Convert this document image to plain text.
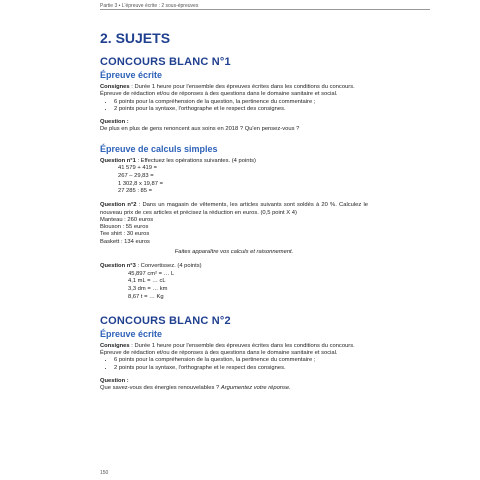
Partie 3 • L'épreuve écrite : 2 sous-épreuves
2. SUJETS
CONCOURS BLANC N°1
Épreuve écrite

Consignes : Durée 1 heure pour l'ensemble des épreuves écrites dans les conditions du concours.

Épreuve de rédaction et/ou de réponses à des questions dans le domaine sanitaire et social.

• 6 points pour la compréhension de la question, la pertinence du commentaire ;
• 2 points pour la syntaxe, l'orthographe et le respect des consignes.

Question :

De plus en plus de gens renoncent aux soins en 2018 ? Qu'en pensez-vous ?

Épreuve de calculs simples

Question n°1 : Effectuez les opérations suivantes. (4 points)

41 579 + 419 =
267 – 29,83 =
1 302,8 x 19,87 =
27 285 : 85 =

Question n°2 : Dans un magasin de vêtements, les articles suivants sont soldés à 20 %. Calculez le nouveau prix de ces articles et précisez la réduction en euros. (0,5 point X 4)

Manteau : 260 euros
Blouson : 55 euros
Tee shirt : 30 euros
Baskett : 134 euros

Faites apparaître vos calculs et raisonnement.

Question n°3 : Convertissez. (4 points)

45,897 cm² = … L
4,1 mL = … cL
3,3 dm = … km
8,67 t = … Kg
CONCOURS BLANC N°2
Épreuve écrite

Consignes : Durée 1 heure pour l'ensemble des épreuves écrites dans les conditions du concours.

Épreuve de rédaction et/ou de réponses à des questions dans le domaine sanitaire et social.

• 6 points pour la compréhension de la question, la pertinence du commentaire ;
• 2 points pour la syntaxe, l'orthographe et le respect des consignes.

Question :

Que savez-vous des énergies renouvelables ? Argumentez votre réponse.

150
